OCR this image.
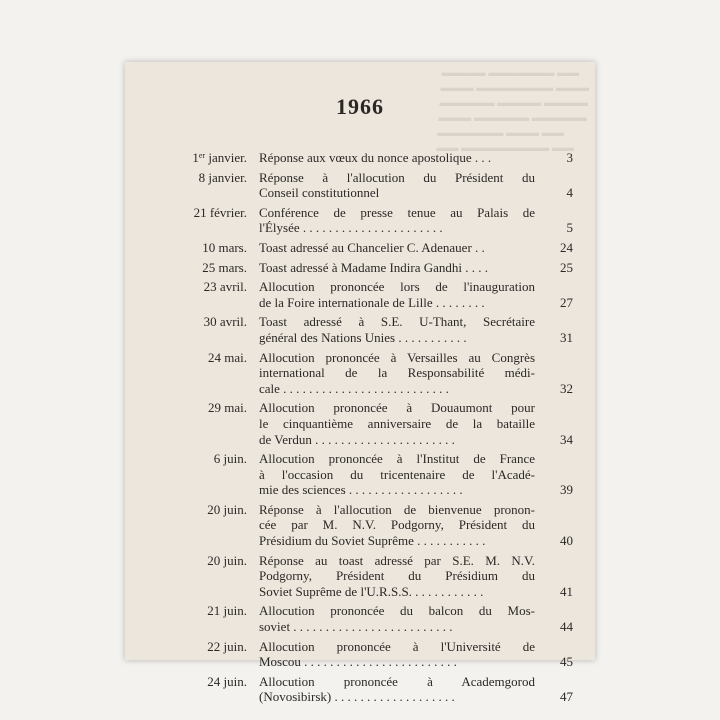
▬▬▬▬ ▬▬▬▬▬▬ ▬▬
▬▬▬ ▬▬▬▬▬▬▬ ▬▬▬
▬▬▬▬▬ ▬▬▬▬ ▬▬▬▬
▬▬▬ ▬▬▬▬▬ ▬▬▬▬▬
▬▬▬▬▬▬ ▬▬▬ ▬▬
▬▬ ▬▬▬▬▬▬▬▬ ▬▬
1966
1er janvier. Réponse aux vœux du nonce apostolique . . .	3
8 janvier. Réponse à l'allocution du Président du
Conseil constitutionnel	4
21 février. Conférence de presse tenue au Palais de
l'Élysée . . . . . . . . . . . . . . . . . . . . . .	5
10 mars. Toast adressé au Chancelier C. Adenauer . .	24
25 mars. Toast adressé à Madame Indira Gandhi . . . .	25
23 avril. Allocution prononcée lors de l'inauguration
de la Foire internationale de Lille . . . . . . . .	27
30 avril. Toast adressé à S.E. U-Thant, Secrétaire
général des Nations Unies . . . . . . . . . . .	31
24 mai. Allocution prononcée à Versailles au Congrès
international de la Responsabilité médi-
cale . . . . . . . . . . . . . . . . . . . . . . . . . .	32
29 mai. Allocution prononcée à Douaumont pour
le cinquantième anniversaire de la bataille
de Verdun . . . . . . . . . . . . . . . . . . . . . .	34
6 juin. Allocution prononcée à l'Institut de France
à l'occasion du tricentenaire de l'Acadé-
mie des sciences . . . . . . . . . . . . . . . . . .	39
20 juin. Réponse à l'allocution de bienvenue pronon-
cée par M. N.V. Podgorny, Président du
Présidium du Soviet Suprême . . . . . . . . . . .	40
20 juin. Réponse au toast adressé par S.E. M. N.V.
Podgorny, Président du Présidium du
Soviet Suprême de l'U.R.S.S. . . . . . . . . . . .	41
21 juin. Allocution prononcée du balcon du Mos-
soviet . . . . . . . . . . . . . . . . . . . . . . . . .	44
22 juin. Allocution prononcée à l'Université de
Moscou . . . . . . . . . . . . . . . . . . . . . . . .	45
24 juin. Allocution prononcée à Academgorod
(Novosibirsk) . . . . . . . . . . . . . . . . . . .	47
